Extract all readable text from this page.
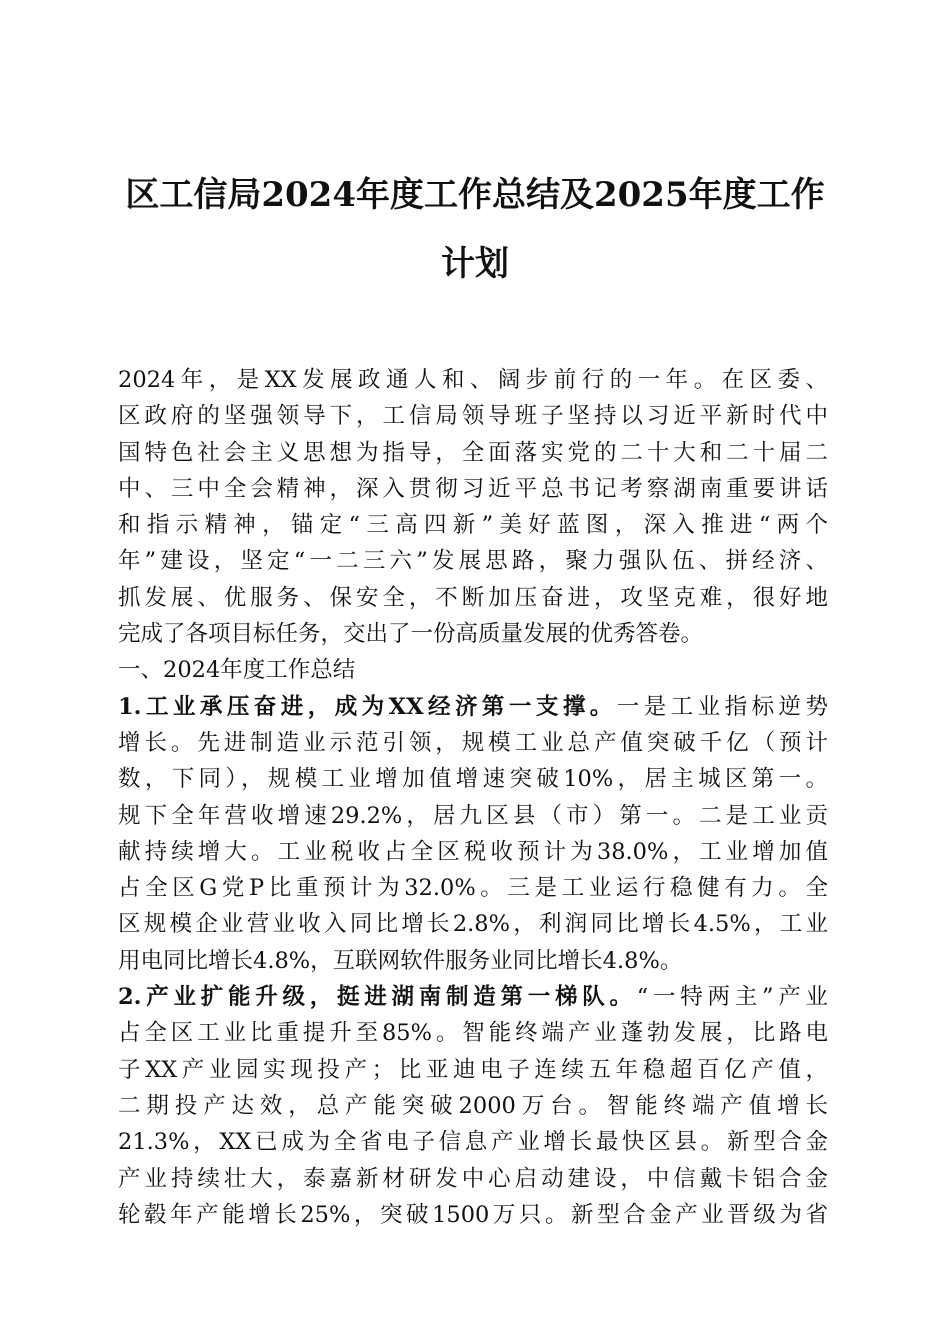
区工信局2024年度工作总结及2025年度工作
计划
2024年，是XX发展政通人和、阔步前行的一年。在区委、
区政府的坚强领导下，工信局领导班子坚持以习近平新时代中
国特色社会主义思想为指导，全面落实党的二十大和二十届二
中、三中全会精神，深入贯彻习近平总书记考察湖南重要讲话
和指示精神，锚定“三高四新”美好蓝图，深入推进“两个
年”建设，坚定“一二三六”发展思路，聚力强队伍、拼经济、
抓发展、优服务、保安全，不断加压奋进，攻坚克难，很好地
完成了各项目标任务，交出了一份高质量发展的优秀答卷。
一、2024年度工作总结
1.工业承压奋进，成为XX经济第一支撑。一是工业指标逆势
增长。先进制造业示范引领，规模工业总产值突破千亿（预计
数，下同），规模工业增加值增速突破10%，居主城区第一。
规下全年营收增速29.2%，居九区县（市）第一。二是工业贡
献持续增大。工业税收占全区税收预计为38.0%，工业增加值
占全区G党P比重预计为32.0%。三是工业运行稳健有力。全
区规模企业营业收入同比增长2.8%，利润同比增长4.5%，工业
用电同比增长4.8%，互联网软件服务业同比增长4.8%。
2.产业扩能升级，挺进湖南制造第一梯队。“一特两主”产业
占全区工业比重提升至85%。智能终端产业蓬勃发展，比路电
子XX产业园实现投产；比亚迪电子连续五年稳超百亿产值，
二期投产达效，总产能突破2000万台。智能终端产值增长
21.3%，XX已成为全省电子信息产业增长最快区县。新型合金
产业持续壮大，泰嘉新材研发中心启动建设，中信戴卡铝合金
轮毂年产能增长25%，突破1500万只。新型合金产业晋级为省
